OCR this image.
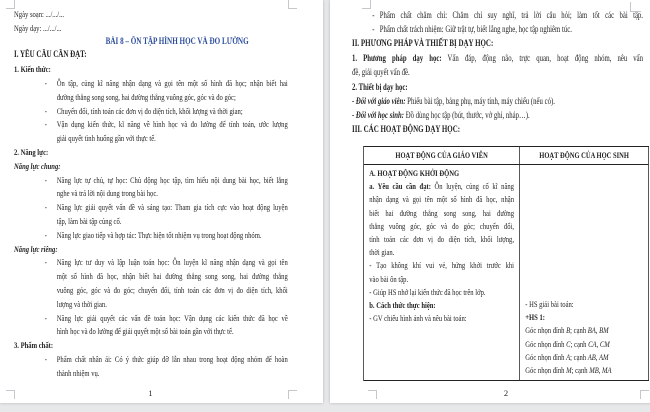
Ngày soạn: .../.../...
Ngày dạy: .../.../...
BÀI 8 – ÔN TẬP HÌNH HỌC VÀ ĐO LƯỜNG
I. YÊU CẦU CẦN ĐẠT:
1. Kiến thức:
- Ôn tập, củng kĩ năng nhận dạng và gọi tên một số hình đã học; nhận biết hai
đường thẳng song song, hai đường thẳng vuông góc, góc và đo góc;
- Chuyển đổi, tính toán các đơn vị đo diện tích, khối lượng và thời gian;
- Vận dụng kiến thức, kĩ năng về hình học và đo lường để tính toán, ước lượng
giải quyết tình huống gần với thực tế.
2. Năng lực:
Năng lực chung:
- Năng lực tự chủ, tự học: Chủ động học tập, tìm hiểu nội dung bài học, biết lắng
nghe và trả lời nội dung trong bài học.
- Năng lực giải quyết vấn đề và sáng tạo: Tham gia tích cực vào hoạt động luyện
tập, làm bài tập củng cố.
- Năng lực giao tiếp và hợp tác: Thực hiện tốt nhiệm vụ trong hoạt động nhóm.
Năng lực riêng:
- Năng lực tư duy và lập luận toán học: Ôn luyện kĩ năng nhận dạng và gọi tên
một số hình đã học, nhận biết hai đường thẳng song song, hai đường thẳng
vuông góc, góc và đo góc; chuyển đổi, tính toán các đơn vị đo diện tích, khối
lượng và thời gian.
- Năng lực giải quyết các vấn đề toán học: Vận dụng các kiến thức đã học về
hình học và đo lường để giải quyết một số bài toán gần với thực tế.
3. Phẩm chất:
- Phẩm chất nhân ái: Có ý thức giúp đỡ lẫn nhau trong hoạt động nhóm để hoàn
thành nhiệm vụ.
1
- Phẩm chất chăm chỉ: Chăm chỉ suy nghĩ, trả lời câu hỏi; làm tốt các bài tập.
- Phẩm chất trách nhiệm: Giữ trật tự, biết lắng nghe, học tập nghiêm túc.
II. PHƯƠNG PHÁP VÀ THIẾT BỊ DẠY HỌC:
1. Phương pháp dạy học: Vấn đáp, động não, trực quan, hoạt động nhóm, nêu vấn
đề, giải quyết vấn đề.
2. Thiết bị dạy học:
- Đối với giáo viên: Phiếu bài tập, bảng phụ, máy tính, máy chiếu (nếu có).
- Đối với học sinh: Đồ dùng học tập (bút, thước, vở ghi, nháp…).
III. CÁC HOẠT ĐỘNG DẠY HỌC:
HOẠT ĐỘNG CỦA GIÁO VIÊN	HOẠT ĐỘNG CỦA HỌC SINH
A. HOẠT ĐỘNG KHỞI ĐỘNG
a. Yêu cầu cần đạt: Ôn luyện, củng cố kĩ năng
nhận dạng và gọi tên một số hình đã học, nhận
biết hai đường thẳng song song, hai đường
thẳng vuông góc, góc và đo góc; chuyển đổi,
tính toán các đơn vị đo diện tích, khối lượng,
thời gian.
- Tạo không khí vui vẻ, hứng khởi trước khi
vào bài ôn tập.
- Giúp HS nhớ lại kiến thức đã học trên lớp.
b. Cách thức thực hiện:
- GV chiếu hình ảnh và nêu bài toán:
- HS giải bài toán:
+HS 1:
Góc nhọn đỉnh B; cạnh BA, BM
Góc nhọn đỉnh C; cạnh CA, CM
Góc nhọn đỉnh A; cạnh AB, AM
Góc nhọn đỉnh M; cạnh MB, MA
2
